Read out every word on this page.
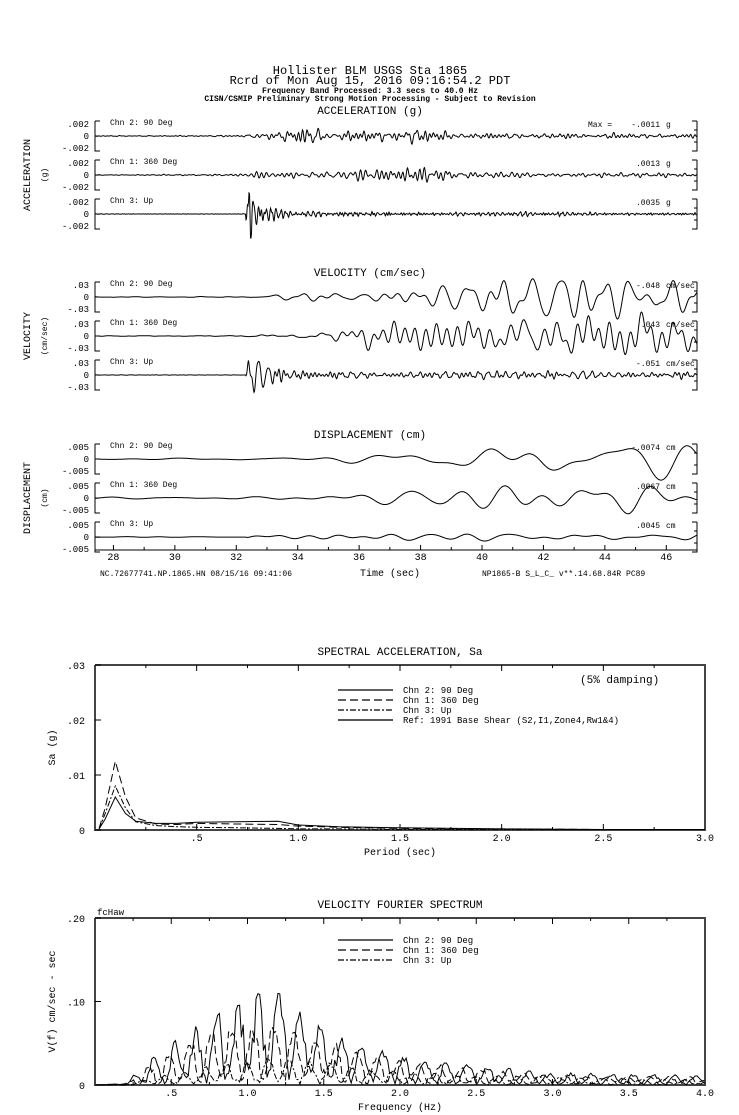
Hollister BLM USGS Sta 1865
Rcrd of Mon Aug 15, 2016 09:16:54.2 PDT
Frequency Band Processed: 3.3 secs to 40.0 Hz
CISN/CSMIP Preliminary Strong Motion Processing - Subject to Revision
ACCELERATION (g)
ACCELERATION (g)
.002
0
-.002
Chn 2: 90 Deg	Max = -.0011 g
.002
0
-.002
Chn 1: 360 Deg	.0013 g
.002
0
-.002
Chn 3: Up	.0035 g
VELOCITY (cm/sec)
VELOCITY (cm/sec)
.03
0
-.03
Chn 2: 90 Deg	-.048 cm/sec
.03
0
-.03
Chn 1: 360 Deg	.043 cm/sec
.03
0
-.03
Chn 3: Up	-.051 cm/sec
DISPLACEMENT (cm)
DISPLACEMENT (cm)
.005
0
-.005
Chn 2: 90 Deg	-.0074 cm
.005
0
-.005
Chn 1: 360 Deg	.0067 cm
.005
0
-.005
Chn 3: Up	.0045 cm
28	30	32	34	36	38	40	42	44	46
NC.72677741.NP.1865.HN 08/15/16 09:41:06	Time (sec)	NP1865-B S_L_C_ v**.14.68.84R PC89
SPECTRAL ACCELERATION, Sa
.5	1.0	1.5	2.0	2.5	3.0
.03
.02
.01
0
Period (sec)
Sa (g)
(5% damping)
Chn 2: 90 Deg
Chn 1: 360 Deg
Chn 3: Up
Ref: 1991 Base Shear (S2,I1,Zone4,Rw1&4)
VELOCITY FOURIER SPECTRUM
.5	1.0	1.5	2.0	2.5	3.0	3.5	4.0
.20
.10
0
Frequency (Hz)
V(f) cm/sec - sec
fcHaw
Chn 2: 90 Deg
Chn 1: 360 Deg
Chn 3: Up
